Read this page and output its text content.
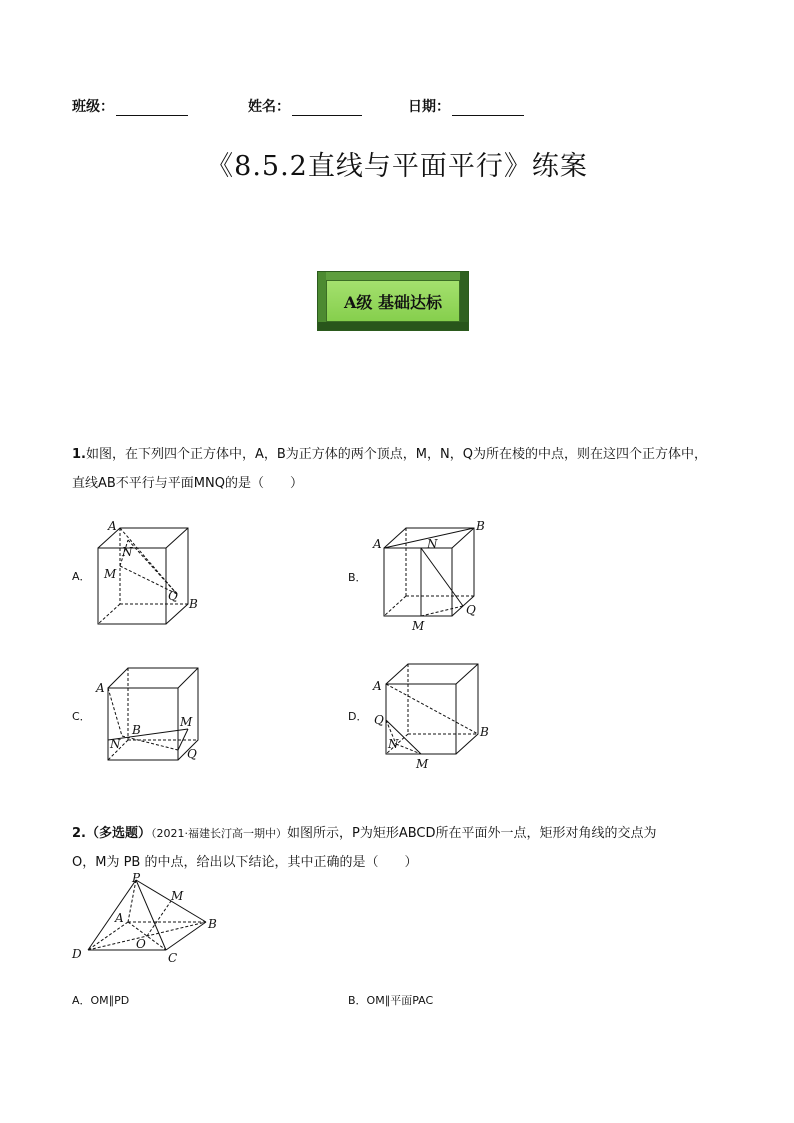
班级：	姓名：	日期：
《8.5.2直线与平面平行》练案
A级 基础达标
1.如图，在下列四个正方体中，A，B为正方体的两个顶点，M，N，Q为所在棱的中点，则在这四个正方体中，
直线AB不平行与平面MNQ的是（　　）
A．	B．
C．	D．
A
N
M
Q
B
A	N
B
Q
M
A
B
M
N
Q
A
Q
N
B
M
2.（多选题）（2021·福建长汀高一期中）如图所示，P为矩形ABCD所在平面外一点，矩形对角线的交点为
O，M为 PB 的中点，给出以下结论，其中正确的是（　　）
P
M
A	B
O
D	C
A．OM∥PD	B．OM∥平面PAC
